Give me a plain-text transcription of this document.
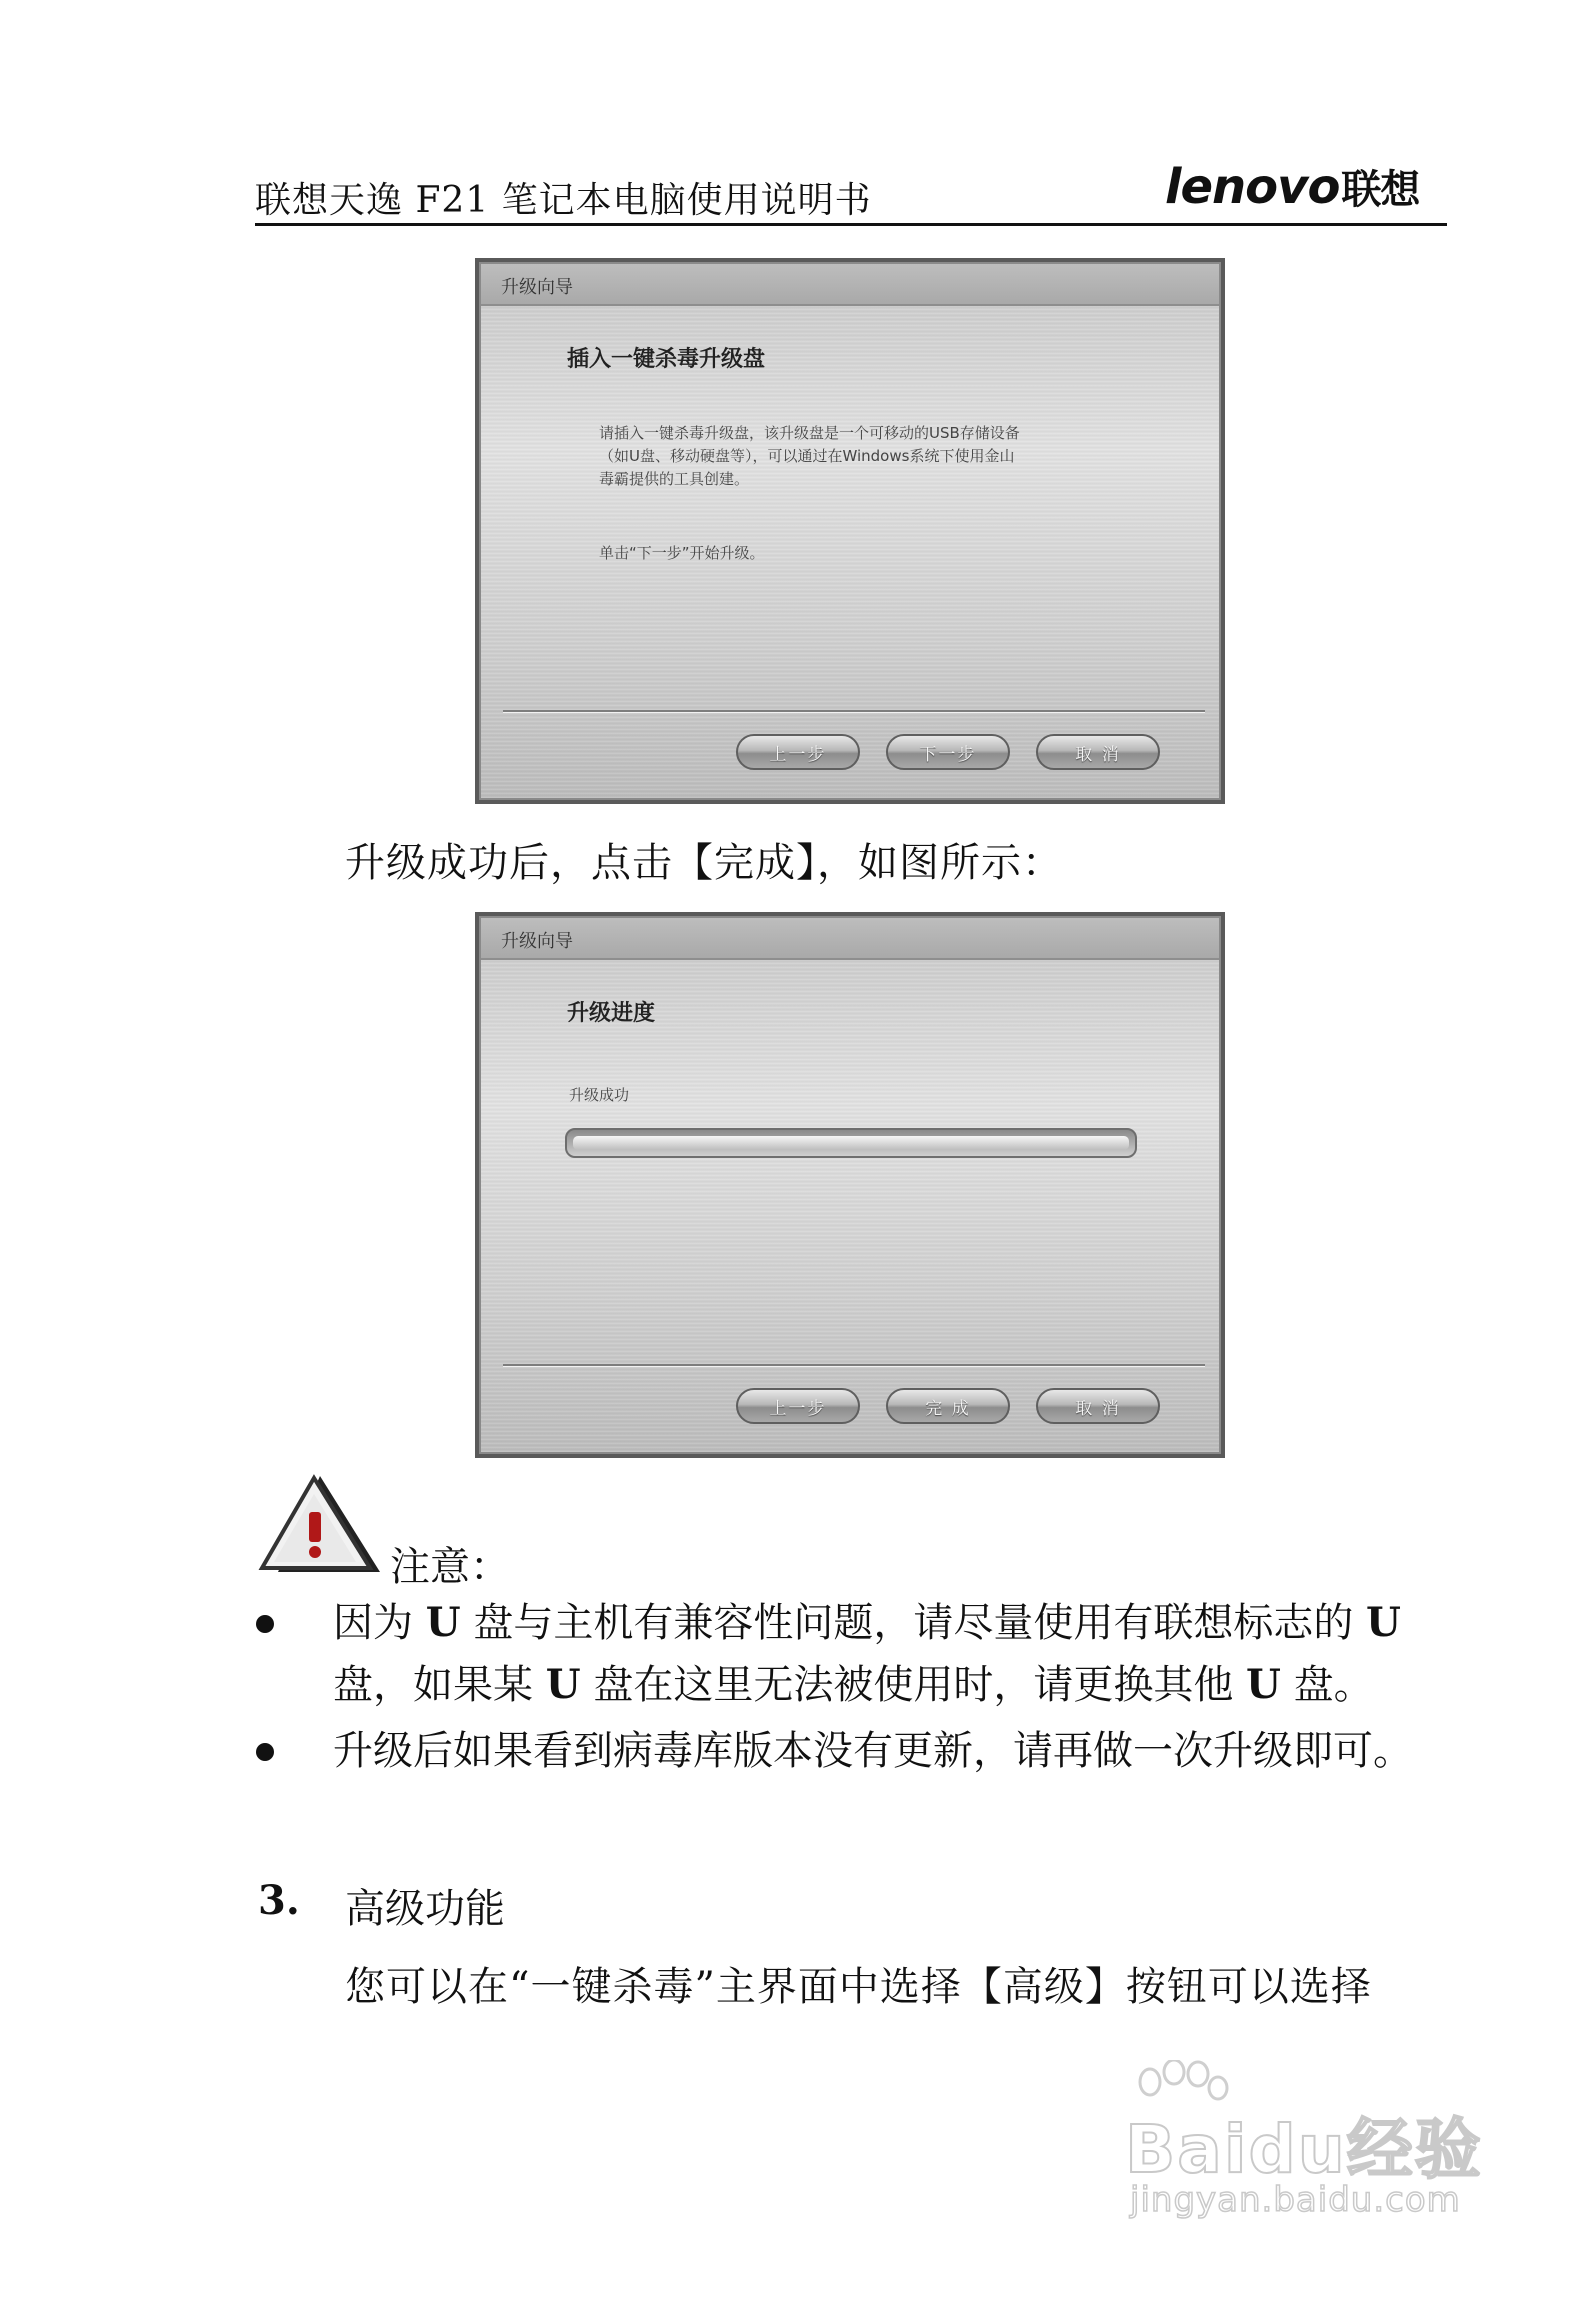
联想天逸 F21 笔记本电脑使用说明书	lenovo联想
升级向导
插入一键杀毒升级盘
请插入一键杀毒升级盘，该升级盘是一个可移动的USB存储设备
（如U盘、移动硬盘等），可以通过在Windows系统下使用金山
毒霸提供的工具创建。
单击“下一步”开始升级。
上一步	下一步	取 消
升级成功后，点击【完成】，如图所示：
升级向导
升级进度
升级成功
上一步	完 成	取 消
注意：
因为 U 盘与主机有兼容性问题，请尽量使用有联想标志的 U
盘，如果某 U 盘在这里无法被使用时，请更换其他 U 盘。
升级后如果看到病毒库版本没有更新，请再做一次升级即可。
3. 高级功能
您可以在“一键杀毒”主界面中选择【高级】按钮可以选择
Baidu经验
jingyan.baidu.com
